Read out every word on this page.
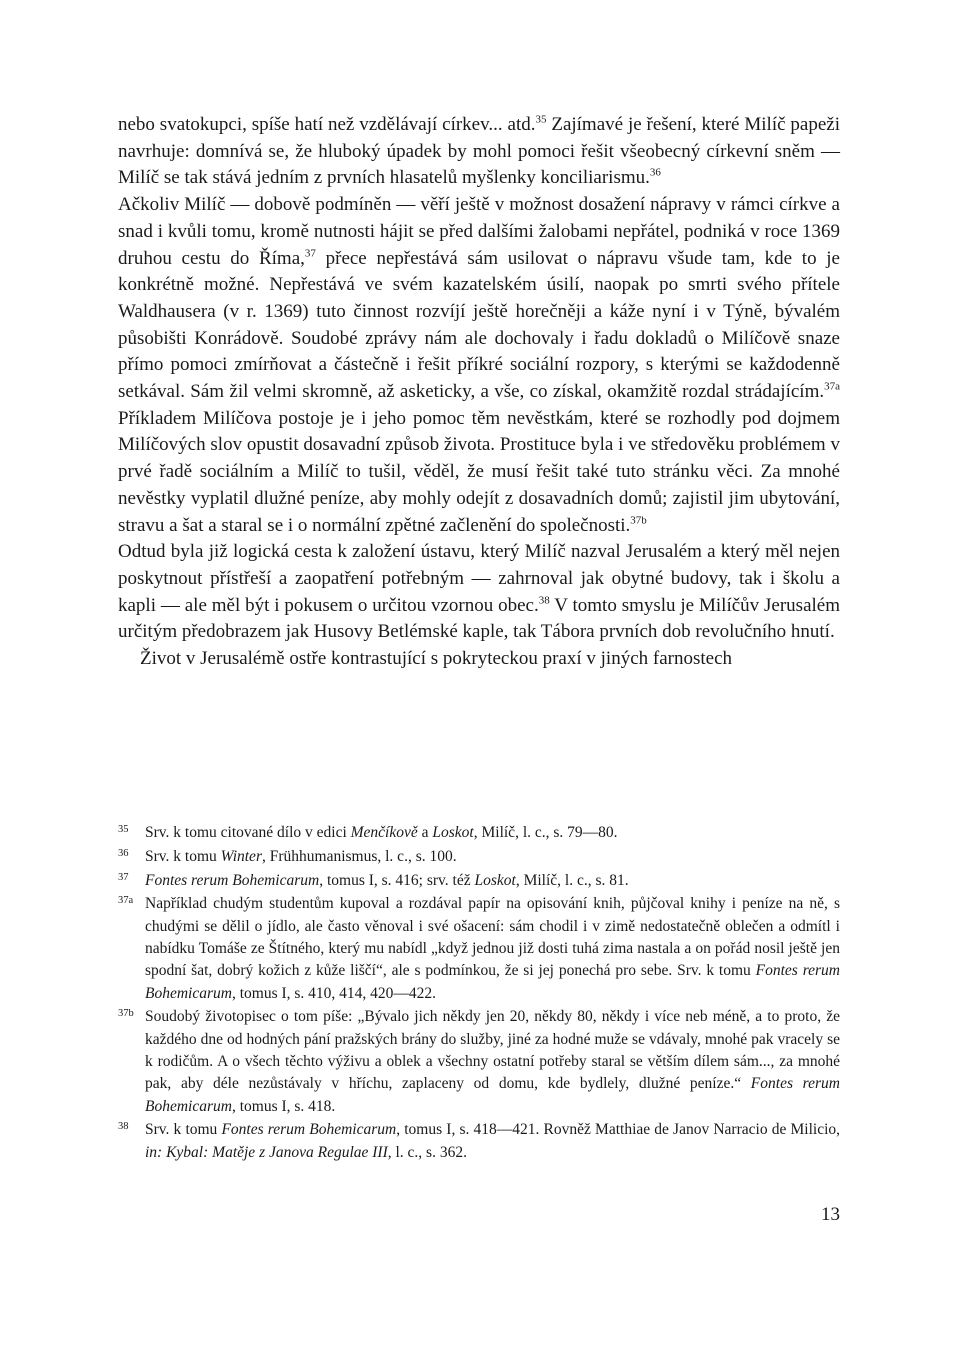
nebo svatokupci, spíše hatí než vzdělávají církev... atd.$^{35}$ Zajímavé je řešení, které Milíč papeži navrhuje: domnívá se, že hluboký úpadek by mohl pomoci řešit všeobecný církevní sněm — Milíč se tak stává jedním z prvních hlasatelů myšlenky konciliarismu.$^{36}$

Ačkoliv Milíč — dobově podmíněn — věří ještě v možnost dosažení nápravy v rámci církve a snad i kvůli tomu, kromě nutnosti hájit se před dalšími žalobami nepřátel, podniká v roce 1369 druhou cestu do Říma,$^{37}$ přece nepřestává sám usilovat o nápravu všude tam, kde to je konkrétně možné. Nepřestává ve svém kazatelském úsilí, naopak po smrti svého přítele Waldhausera (v r. 1369) tuto činnost rozvíjí ještě horečněji a káže nyní i v Týně, bývalém působišti Konrádově. Soudobé zprávy nám ale dochovaly i řadu dokladů o Milíčově snaze přímo pomoci zmírňovat a částečně i řešit příkré sociální rozpory, s kterými se každodenně setkával. Sám žil velmi skromně, až asketicky, a vše, co získal, okamžitě rozdal strádajícím.$^{37a}$ Příkladem Milíčova postoje je i jeho pomoc těm nevěstkám, které se rozhodly pod dojmem Milíčových slov opustit dosavadní způsob života. Prostituce byla i ve středověku problémem v prvé řadě sociálním a Milíč to tušil, věděl, že musí řešit také tuto stránku věci. Za mnohé nevěstky vyplatil dlužné peníze, aby mohly odejít z dosavadních domů; zajistil jim ubytování, stravu a šat a staral se i o normální zpětné začlenění do společnosti.$^{37b}$

Odtud byla již logická cesta k založení ústavu, který Milíč nazval Jerusalém a který měl nejen poskytnout přístřeší a zaopatření potřebným — zahrnoval jak obytné budovy, tak i školu a kapli — ale měl být i pokusem o určitou vzornou obec.$^{38}$ V tomto smyslu je Milíčův Jerusalém určitým předobrazem jak Husovy Betlémské kaple, tak Tábora prvních dob revolučního hnutí.

Život v Jerusalémě ostře kontrastující s pokryteckou praxí v jiných farnostech

35	Srv. k tomu citované dílo v edici Menčíkově a Loskot, Milíč, l. c., s. 79—80.
36	Srv. k tomu Winter, Frühhumanismus, l. c., s. 100.
37	Fontes rerum Bohemicarum, tomus I, s. 416; srv. též Loskot, Milíč, l. c., s. 81.
37a Například chudým studentům kupoval a rozdával papír na opisování knih, půjčoval knihy i peníze na ně, s chudými se dělil o jídlo, ale často věnoval i své ošacení: sám chodil i v zimě nedostatečně oblečen a odmítl i nabídku Tomáše ze Štítného, který mu nabídl „když jednou již dosti tuhá zima nastala a on pořád nosil ještě jen spodní šat, dobrý kožich z kůže liščí“, ale s podmínkou, že si jej ponechá pro sebe. Srv. k tomu Fontes rerum Bohemicarum, tomus I, s. 410, 414, 420—422.
37b Soudobý životopisec o tom píše: „Bývalo jich někdy jen 20, někdy 80, někdy i více neb méně, a to proto, že každého dne od hodných pání pražských brány do služby, jiné za hodné muže se vdávaly, mnohé pak vracely se k rodičům. A o všech těchto výživu a oblek a všechny ostatní potřeby staral se větším dílem sám..., za mnohé pak, aby déle nezůstávaly v hříchu, zaplaceny od domu, kde bydlely, dlužné peníze.“ Fontes rerum Bohemicarum, tomus I, s. 418.
38	Srv. k tomu Fontes rerum Bohemicarum, tomus I, s. 418—421. Rovněž Matthiae de Janov Narracio de Milicio, in: Kybal: Matěje z Janova Regulae III, l. c., s. 362.
13
